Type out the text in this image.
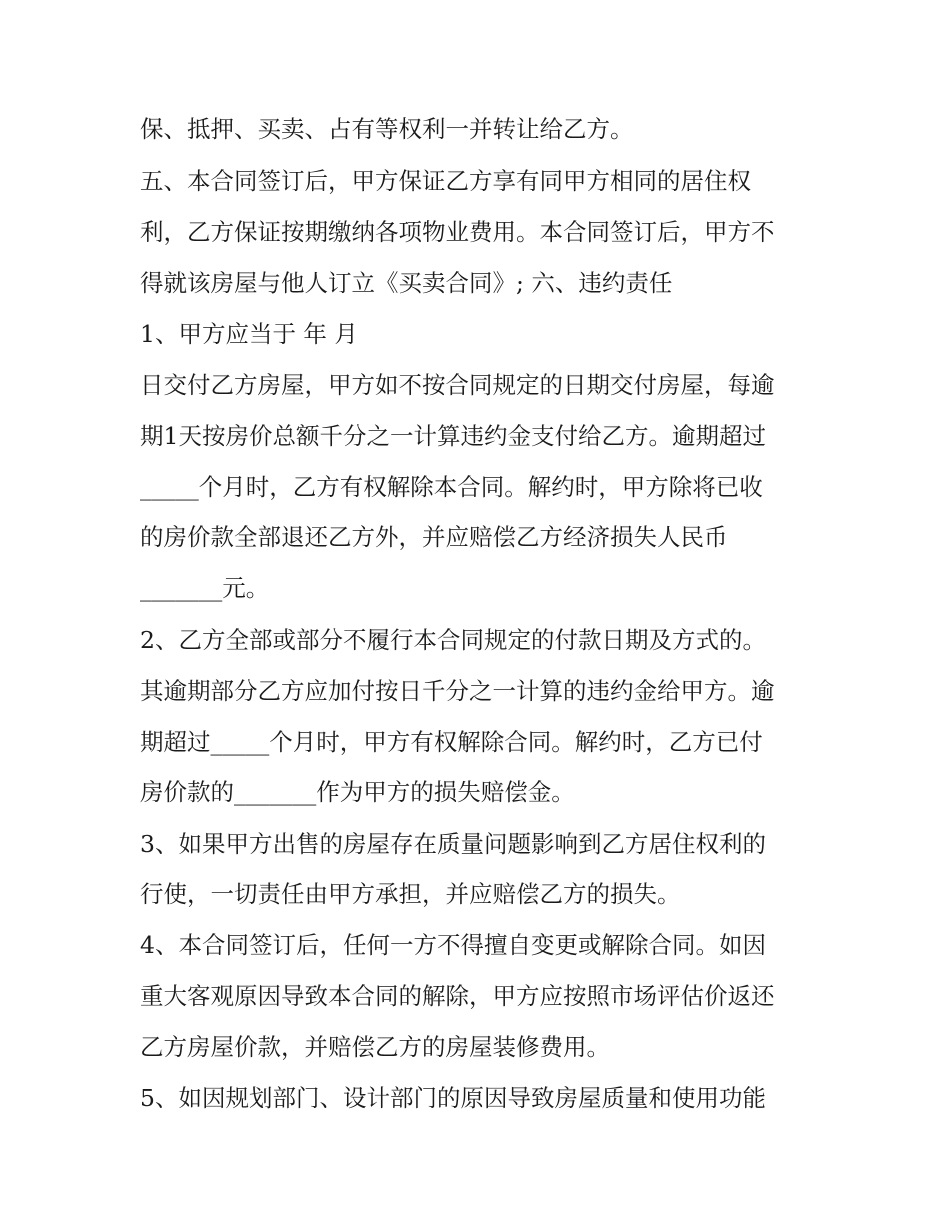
保、抵押、买卖、占有等权利一并转让给乙方。

五、本合同签订后，甲方保证乙方享有同甲方相同的居住权

利，乙方保证按期缴纳各项物业费用。本合同签订后，甲方不

得就该房屋与他人订立《买卖合同》; 六、违约责任

1、甲方应当于 年 月

日交付乙方房屋，甲方如不按合同规定的日期交付房屋，每逾

期1天按房价总额千分之一计算违约金支付给乙方。逾期超过

_____个月时，乙方有权解除本合同。解约时，甲方除将已收

的房价款全部退还乙方外，并应赔偿乙方经济损失人民币

_______元。

2、乙方全部或部分不履行本合同规定的付款日期及方式的。

其逾期部分乙方应加付按日千分之一计算的违约金给甲方。逾

期超过_____个月时，甲方有权解除合同。解约时，乙方已付

房价款的_______作为甲方的损失赔偿金。

3、如果甲方出售的房屋存在质量问题影响到乙方居住权利的

行使，一切责任由甲方承担，并应赔偿乙方的损失。

4、本合同签订后，任何一方不得擅自变更或解除合同。如因

重大客观原因导致本合同的解除，甲方应按照市场评估价返还

乙方房屋价款，并赔偿乙方的房屋装修费用。

5、如因规划部门、设计部门的原因导致房屋质量和使用功能
